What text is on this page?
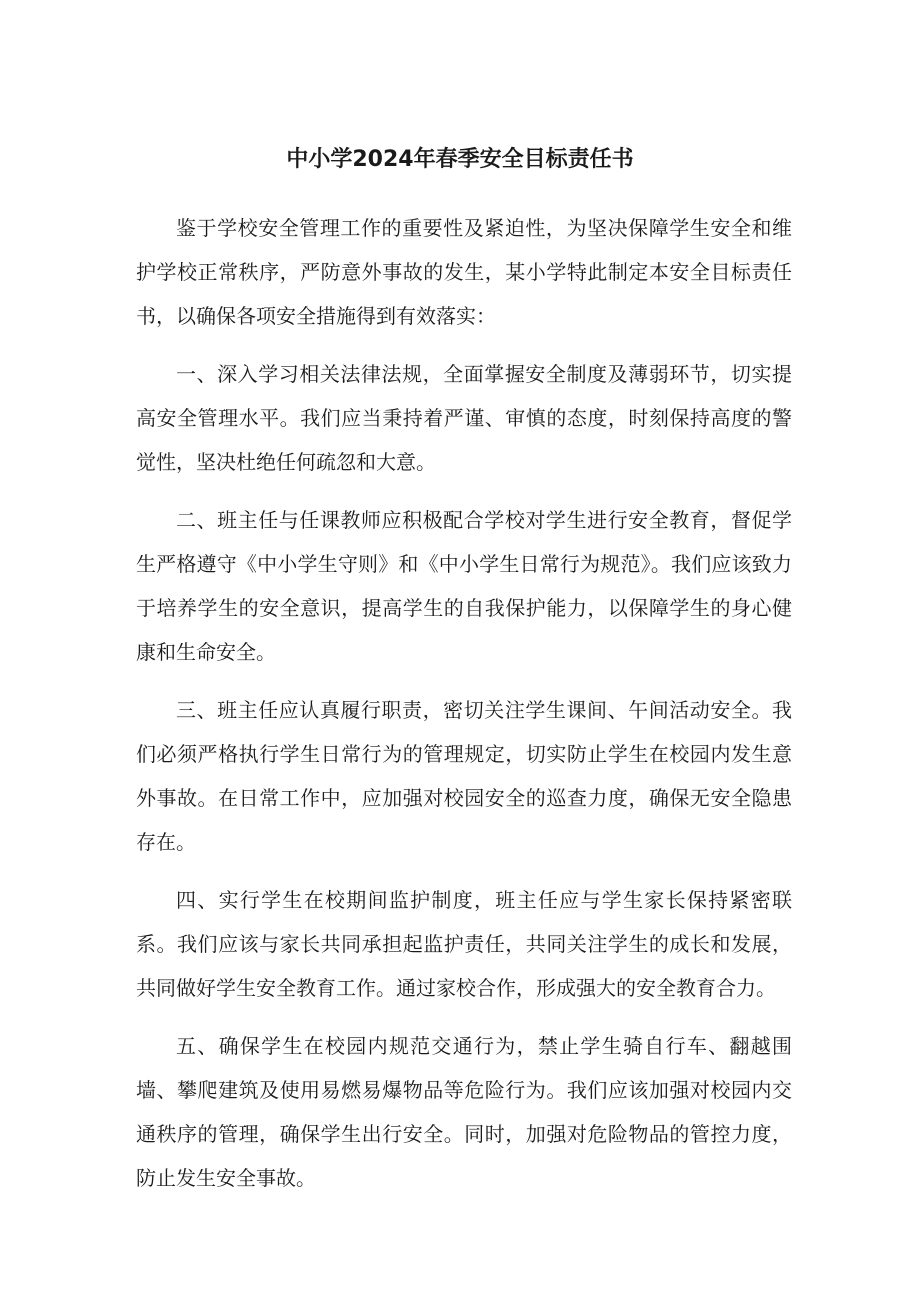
中小学2024年春季安全目标责任书

鉴于学校安全管理工作的重要性及紧迫性，为坚决保障学生安全和维护学校正常秩序，严防意外事故的发生，某小学特此制定本安全目标责任书，以确保各项安全措施得到有效落实：

一、深入学习相关法律法规，全面掌握安全制度及薄弱环节，切实提高安全管理水平。我们应当秉持着严谨、审慎的态度，时刻保持高度的警觉性，坚决杜绝任何疏忽和大意。

二、班主任与任课教师应积极配合学校对学生进行安全教育，督促学生严格遵守《中小学生守则》和《中小学生日常行为规范》。我们应该致力于培养学生的安全意识，提高学生的自我保护能力，以保障学生的身心健康和生命安全。

三、班主任应认真履行职责，密切关注学生课间、午间活动安全。我们必须严格执行学生日常行为的管理规定，切实防止学生在校园内发生意外事故。在日常工作中，应加强对校园安全的巡查力度，确保无安全隐患存在。

四、实行学生在校期间监护制度，班主任应与学生家长保持紧密联系。我们应该与家长共同承担起监护责任，共同关注学生的成长和发展，共同做好学生安全教育工作。通过家校合作，形成强大的安全教育合力。

五、确保学生在校园内规范交通行为，禁止学生骑自行车、翻越围墙、攀爬建筑及使用易燃易爆物品等危险行为。我们应该加强对校园内交通秩序的管理，确保学生出行安全。同时，加强对危险物品的管控力度，防止发生安全事故。
